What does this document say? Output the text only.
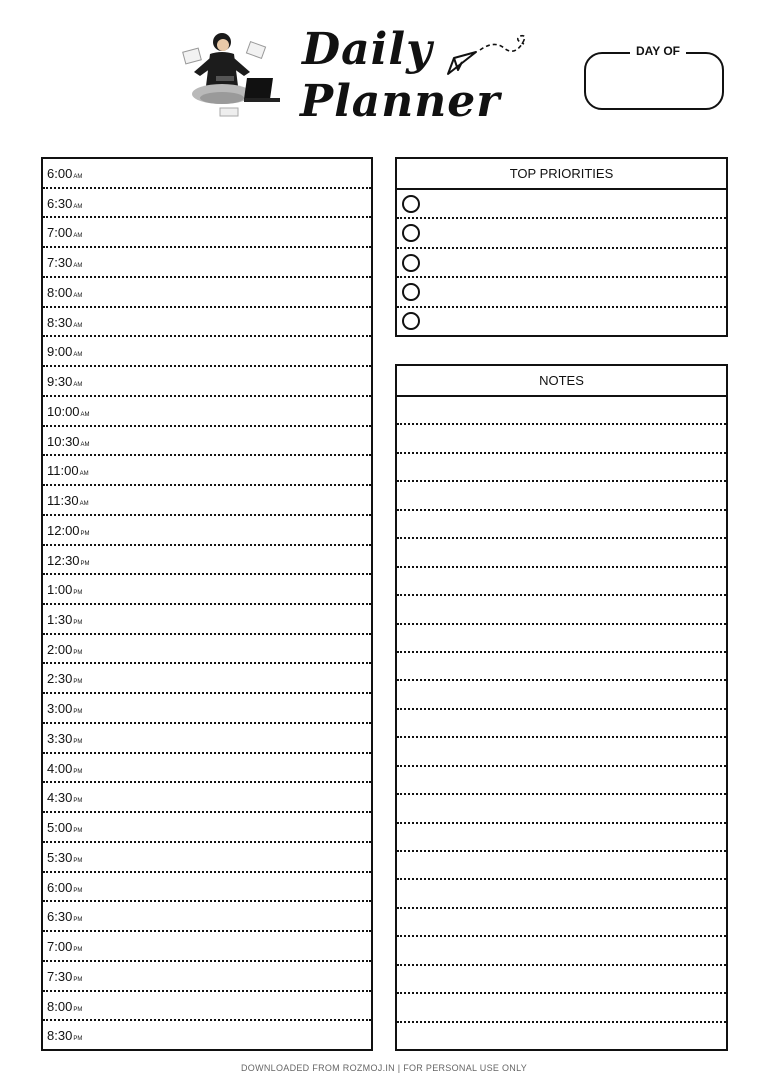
Daily
Planner
DAY OF
6:00AM
6:30AM
7:00AM
7:30AM
8:00AM
8:30AM
9:00AM
9:30AM
10:00AM
10:30AM
11:00AM
11:30AM
12:00PM
12:30PM
1:00PM
1:30PM
2:00PM
2:30PM
3:00PM
3:30PM
4:00PM
4:30PM
5:00PM
5:30PM
6:00PM
6:30PM
7:00PM
7:30PM
8:00PM
8:30PM
TOP PRIORITIES
NOTES
DOWNLOADED FROM ROZMOJ.IN | FOR PERSONAL USE ONLY
